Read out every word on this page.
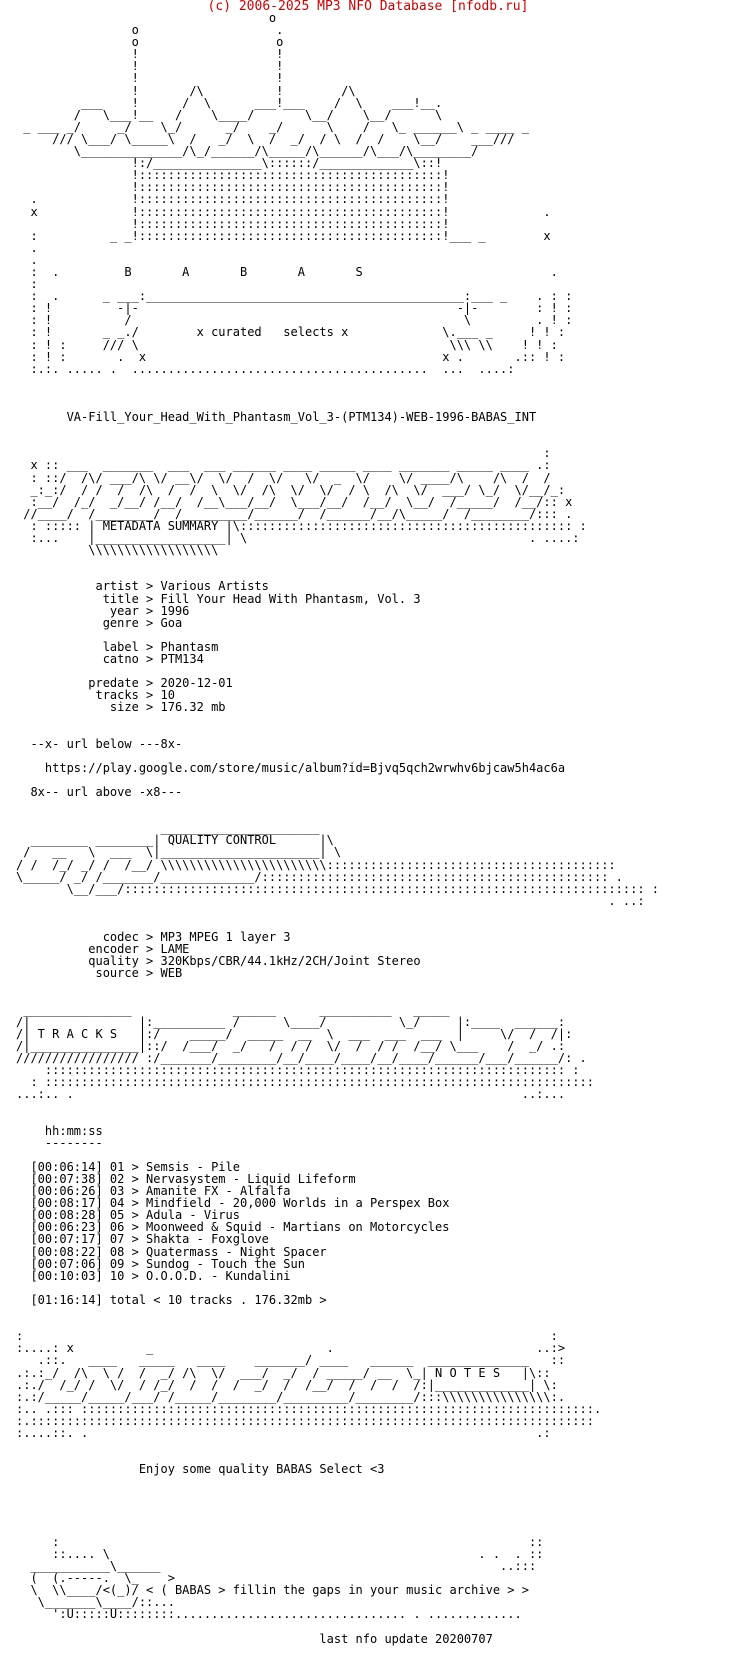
(c) 2006-2025 MP3 NFO Database [nfodb.ru]
o
o                   .
o                   o
!                   !
!                   !
!                   !
!       /\          !        /\
___    !      /  \      ___!___    /  \    ___!__.
/   \___!__   /    \____/       \__/    \__/      \
_ ___ _/     _/    \_/      _/    _/      \    /   \_ ______\ _ ____ _
/// \___/ \_____\  /   _/  \  /  _/  / \  /  /    \__/    ___///
\______________/\_/______/\_____/\______/\___/\________/
!:/_______________\::::::/_____________\::!
!::::::::::::::::::::::::::::::::::::::::::!
!::::::::::::::::::::::::::::::::::::::::::!
.             !::::::::::::::::::::::::::::::::::::::::::!
x             !::::::::::::::::::::::::::::::::::::::::::!             .
!::::::::::::::::::::::::::::::::::::::::::!
:          _ _!::::::::::::::::::::::::::::::::::::::::::!___ _        x
.
.
:  .         B       A       B       A       S                          .
:
:  .      _ ___:____________________________________________:___ _    . : :
: !         -|-                                            -|-        : ! :
: !          /                                              \         . ! :
: !       _ _./        x curated   selects x             \.___ _     ! ! :
: ! :     /// \                                           \\\ \\    ! ! :
: ! :       .  x                                         x .       .:: ! :
:.:. ..... .  .........................................  ...  ....:

VA-Fill_Your_Head_With_Phantasm_Vol_3-(PTM134)-WEB-1996-BABAS_INT

:
x :: ___  _______  ___  ___ ______ ____ _____ ____ _______ _____ ____ .:
: ::/  /\/ ___/\ \/ __\/  \/  /  \/   \/  _  \/    \/ ____/\    /\  /  /
_:_:/  / /  /  /\  /  /  \  \/  /\  \/  \/  / \  /\  \/  ___/ \_/  \/__/_:
:__/  /_/  _/__/ /__/  /__\___/__/  \___/__/  /__/  \__/  /_____/  /__/:: x
//____/  /________/  /_________/______/  /______/__/\_____/  /________/::: .
: ::::: | METADATA SUMMARY |\:::::::::::::::::::::::::::::::::::::::::::::: :
:...    |__________________| \                                       . ....:
\\\\\\\\\\\\\\\\\\

artist > Various Artists
title > Fill Your Head With Phantasm, Vol. 3
year > 1996
genre > Goa

label > Phantasm
catno > PTM134

predate > 2020-12-01
tracks > 10
size > 176.32 mb

--x- url below ---8x-

https://play.google.com/store/music/album?id=Bjvq5qch2wrwhv6bjcaw5h4ac6a

8x-- url above -x8---

______________________
________ ________| QUALITY CONTROL      |\
/   __   \  ___  \|______________________| \
/ /  /_/ _/ /  /__/ \\\\\\\\\\\\\\\\\\\\\\\::::::::::::::::::::::::::::::::::::::::
\_____/ _/ /_______/_____________/:::::::::::::::::::::::::::::::::::::::::::::::: .
\__/___/:::::::::::::::::::::::::::::::::::::::::::::::::::::::::::::::::::::::: :
. ..:

codec > MP3 MPEG 1 layer 3
encoder > LAME
quality > 320Kbps/CBR/44.1kHz/2CH/Joint Stereo
source > WEB

_______________              ______      __________   _____
/|               |:__________ /      \____/          \_/     |:____  ______:
/| T R A C K S   |:/    _____/  _____  __  \  ___  ___  ___  |     \/  /  /|:
/|_______________|::/  /___/  _/   /  / /  \/  /  / /  /__/ \___    /  _/ .:
///////////////// :/_______/________/__/____/____/__/____/______/___/______/: .
:::::::::::::::::::::::::::::::::::::::::::::::::::::::::::::::::::::::: :
: ::::::::::::::::::::::::::::::::::::::::::::::::::::::::::::::::::::::::::::
...:.. .                                                              ..:...

hh:mm:ss
--------

[00:06:14] 01 > Semsis - Pile
[00:07:38] 02 > Nervasystem - Liquid Lifeform
[00:06:26] 03 > Amanite FX - Alfalfa
[00:08:17] 04 > Mindfield - 20,000 Worlds in a Perspex Box
[00:08:28] 05 > Adula - Virus
[00:06:23] 06 > Moonweed & Squid - Martians on Motorcycles
[00:07:17] 07 > Shakta - Foxglove
[00:08:22] 08 > Quatermass - Night Spacer
[00:07:06] 09 > Sundog - Touch the Sun
[00:10:03] 10 > O.O.O.D. - Kundalini

[01:16:14] total < 10 tracks . 176.32mb >

:                                                                         :
:....: x          _                        .                            ..:>
.::.   ____   _____   ____    _______/ ____   ______  ______________   ::
.:.:_/  /\  \ /  /  _/ /\  \/  ___/  _/  / _____/ __  \_| N O T E S   |\::
.:./  /_/ /  \/  / /_/  /  /  /  _/  /  /__/  /  /  /  /:|_____________| \:
:.:/_____/_____/___/ /_____/________/_________/________/:::\\\\\\\\\\\\\\\:.
:.. .::: :::::::::::::::::::::::::::::::::::::::::::::::::::::::::::::::::::::::.
:.::::::::::::::::::::::::::::::::::::::::::::::::::::::::::::::::::::::::::::::
:....::. .                                                              .:

Enjoy some quality BABAS Select <3

:                                                                 ::
::.... \                                                   . .  . ::
___________\______                                               ..:::
(  (.-----.  \_    >
\  \\____/<(_)/ < ( BABAS > fillin the gaps in your music archive > >
\_______\____/::...
':U:::::U::::::::................................ . .............

last nfo update 20200707
